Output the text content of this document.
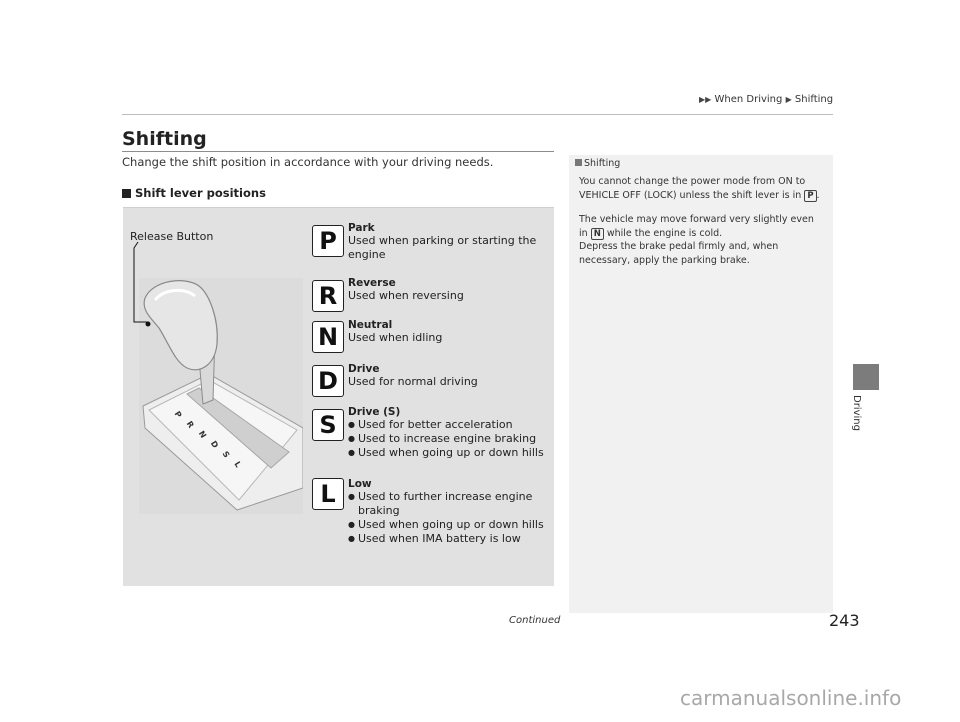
▶▶ When Driving ▶ Shifting
Shifting
Change the shift position in accordance with your driving needs.
Shift lever positions
P
R
N
D
S
L
Release Button	P
R
N
D
S
L
Park
Used when parking or starting the
engine
Reverse
Used when reversing
Neutral
Used when idling
Drive
Used for normal driving
Drive (S)
● Used for better acceleration
● Used to increase engine braking
● Used when going up or down hills
Low
● Used to further increase engine braking
● Used when going up or down hills
● Used when IMA battery is low
Shifting

You cannot change the power mode from ON to VEHICLE OFF (LOCK) unless the shift lever is in P .

The vehicle may move forward very slightly even in N while the engine is cold.
Depress the brake pedal firmly and, when necessary, apply the parking brake.

Driving
Continued	243
carmanualsonline.info
